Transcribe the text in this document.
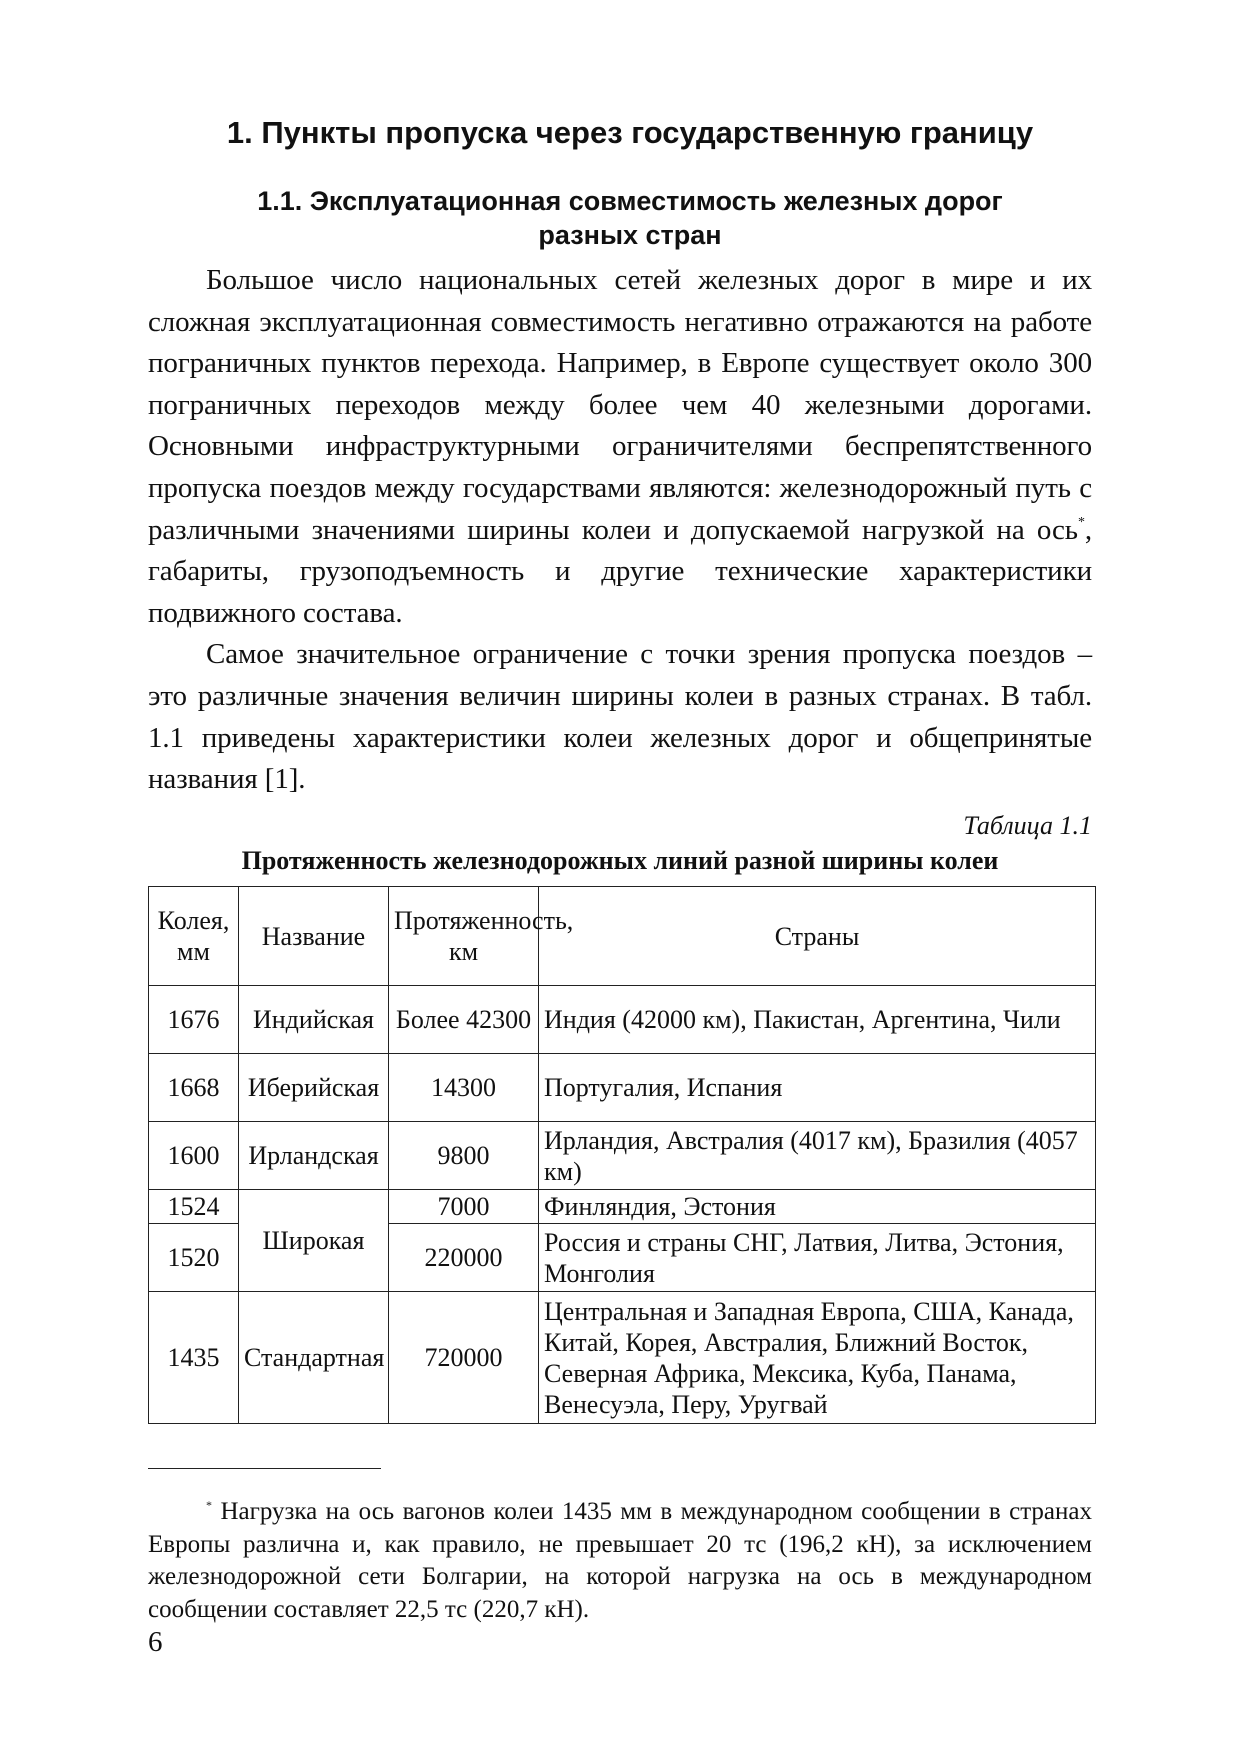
1. Пункты пропуска через государственную границу
1.1. Эксплуатационная совместимость железных дорог
разных стран

Большое число национальных сетей железных дорог в мире и их сложная эксплуатационная совместимость негативно отражаются на работе пограничных пунктов перехода. Например, в Европе существует около 300 пограничных переходов между более чем 40 железными дорогами. Основными инфраструктурными ограничителями беспрепятственного пропуска поездов между государствами являются: железнодорожный путь с различными значениями ширины колеи и допускаемой нагрузкой на ось*, габариты, грузоподъемность и другие технические характеристики подвижного состава.

Самое значительное ограничение с точки зрения пропуска поездов – это различные значения величин ширины колеи в разных странах. В табл. 1.1 приведены характеристики колеи железных дорог и общепринятые названия [1].

Таблица 1.1
Протяженность железнодорожных линий разной ширины колеи
Колея, мм	Название	Протяженность, км	Страны
1676	Индийская	Более 42300	Индия (42000 км), Пакистан, Аргентина, Чили
1668	Иберийская	14300	Португалия, Испания
1600	Ирландская	9800	Ирландия, Австралия (4017 км), Бразилия (4057 км)
1524	Широкая	7000	Финляндия, Эстония
1520		220000	Россия и страны СНГ, Латвия, Литва, Эстония, Монголия
1435	Стандартная	720000	Центральная и Западная Европа, США, Канада, Китай, Корея, Австралия, Ближний Восток, Северная Африка, Мексика, Куба, Панама, Венесуэла, Перу, Уругвай

* Нагрузка на ось вагонов колеи 1435 мм в международном сообщении в странах Европы различна и, как правило, не превышает 20 тс (196,2 кН), за исключением железнодорожной сети Болгарии, на которой нагрузка на ось в международном сообщении составляет 22,5 тс (220,7 кН).

6
